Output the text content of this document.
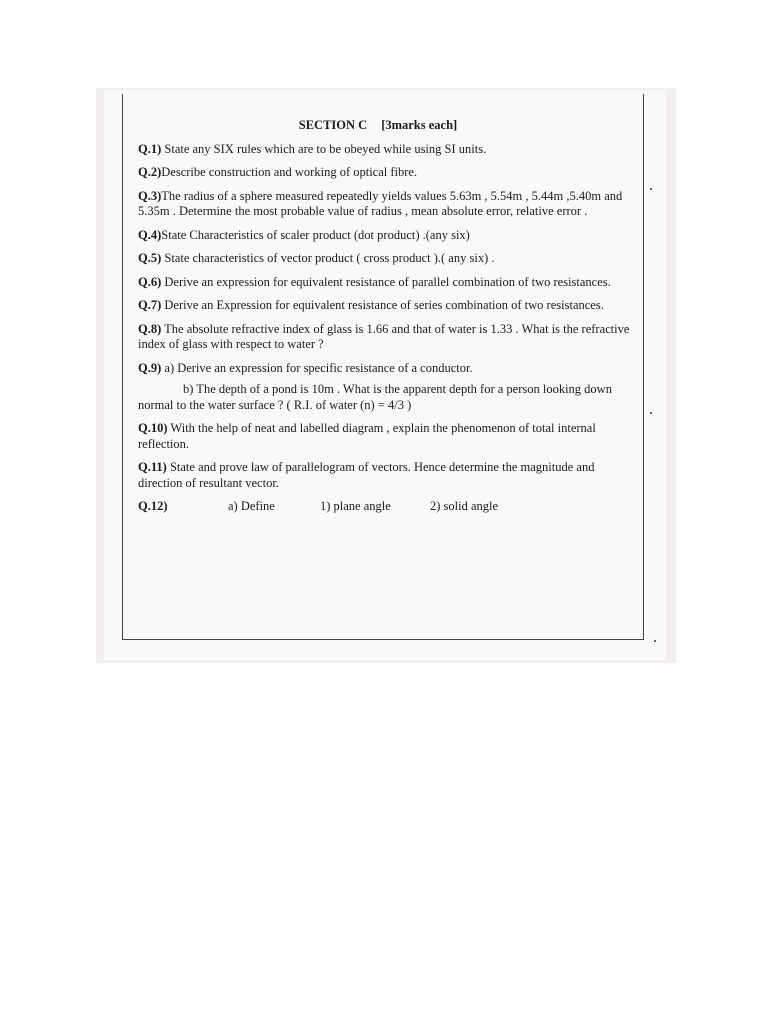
SECTION C [3marks each]
Q.1) State any SIX rules which are to be obeyed while using SI units.
Q.2)Describe construction and working of optical fibre.
Q.3)The radius of a sphere measured repeatedly yields values 5.63m , 5.54m , 5.44m ,5.40m and 5.35m . Determine the most probable value of radius , mean absolute error, relative error .
Q.4)State Characteristics of scaler product (dot product) .(any six)
Q.5) State characteristics of vector product ( cross product ).( any six) .
Q.6) Derive an expression for equivalent resistance of parallel combination of two resistances.
Q.7) Derive an Expression for equivalent resistance of series combination of two resistances.
Q.8) The absolute refractive index of glass is 1.66 and that of water is 1.33 . What is the refractive index of glass with respect to water ?
Q.9) a) Derive an expression for specific resistance of a conductor.
b) The depth of a pond is 10m . What is the apparent depth for a person looking down normal to the water surface ? ( R.I. of water (n) = 4/3 )
Q.10) With the help of neat and labelled diagram , explain the phenomenon of total internal reflection.
Q.11) State and prove law of parallelogram of vectors. Hence determine the magnitude and direction of resultant vector.
Q.12)	a) Define	1) plane angle	2) solid angle
